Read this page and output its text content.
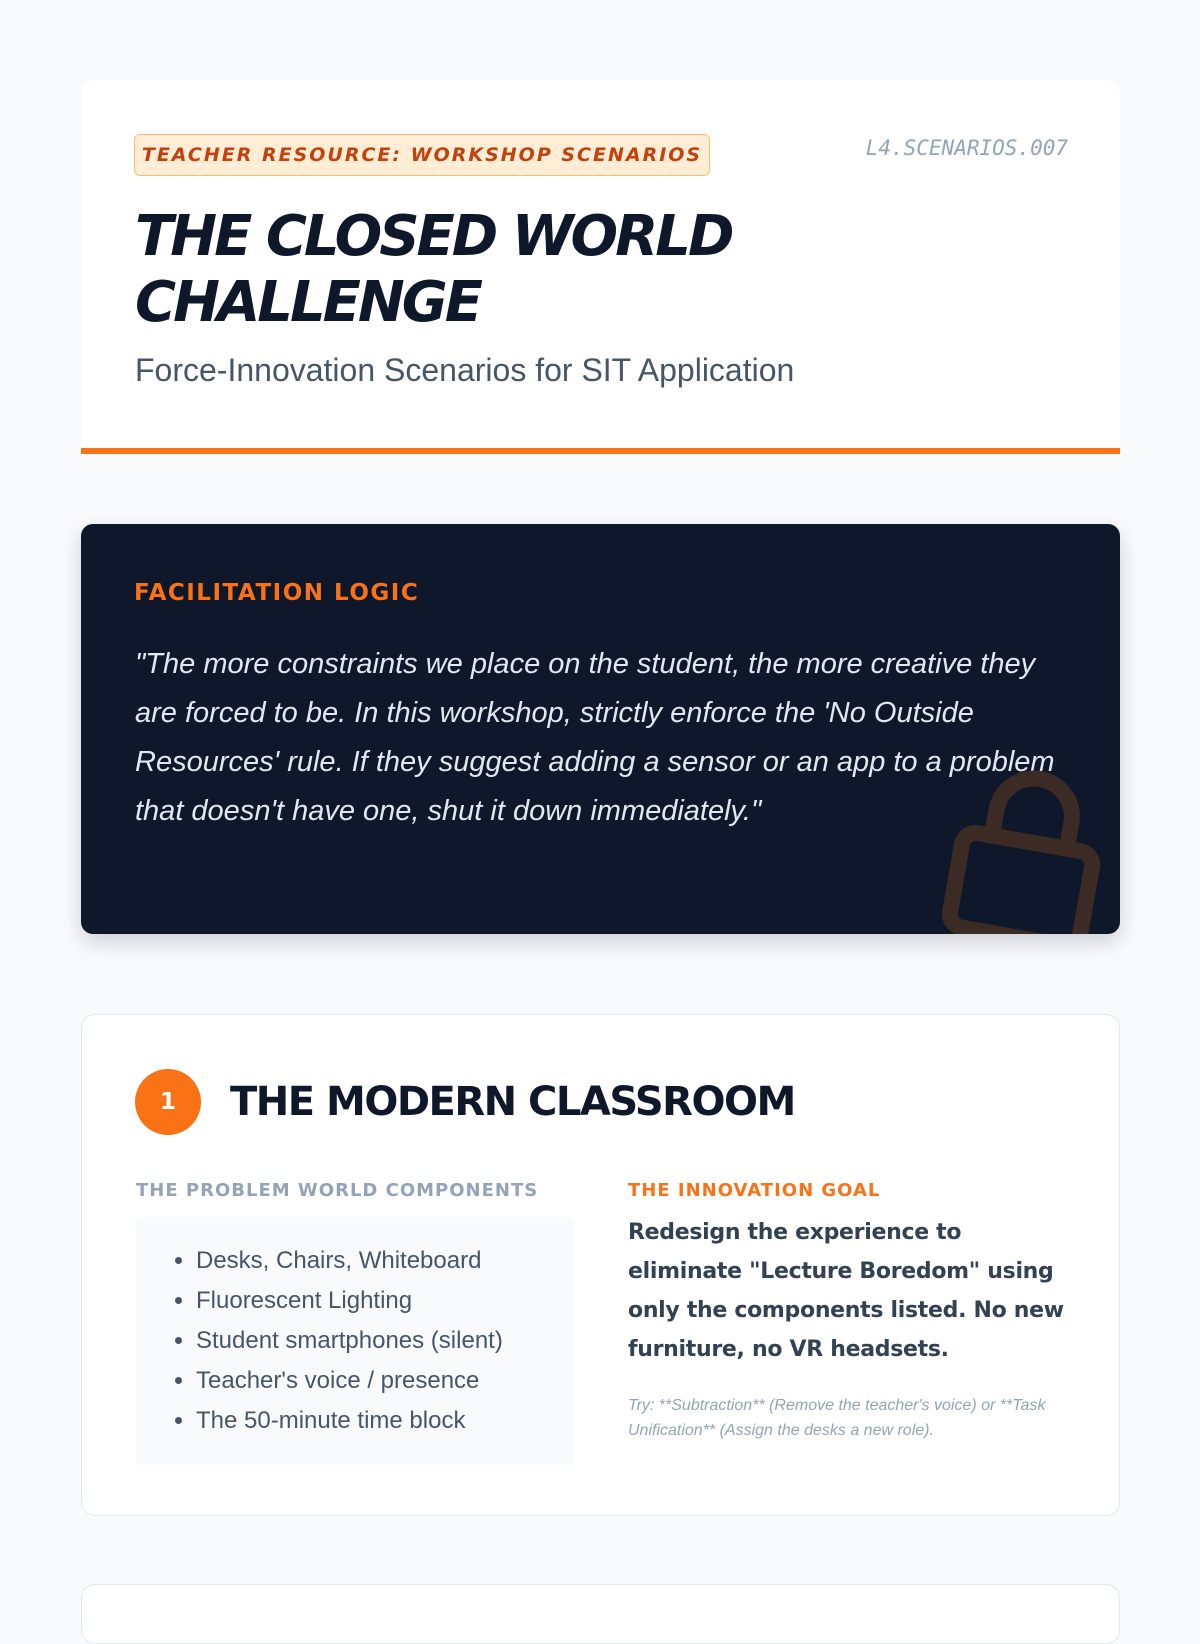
TEACHER RESOURCE: WORKSHOP SCENARIOS	L4.SCENARIOS.007
THE CLOSED WORLD CHALLENGE
Force-Innovation Scenarios for SIT Application
FACILITATION LOGIC

"The more constraints we place on the student, the more creative they are forced to be. In this workshop, strictly enforce the 'No Outside Resources' rule. If they suggest adding a sensor or an app to a problem that doesn't have one, shut it down immediately."

1	THE MODERN CLASSROOM
THE PROBLEM WORLD COMPONENTS
• Desks, Chairs, Whiteboard
• Fluorescent Lighting
• Student smartphones (silent)
• Teacher's voice / presence
• The 50-minute time block
THE INNOVATION GOAL
Redesign the experience to eliminate "Lecture Boredom" using only the components listed. No new furniture, no VR headsets.
Try: **Subtraction** (Remove the teacher's voice) or **Task Unification** (Assign the desks a new role).
